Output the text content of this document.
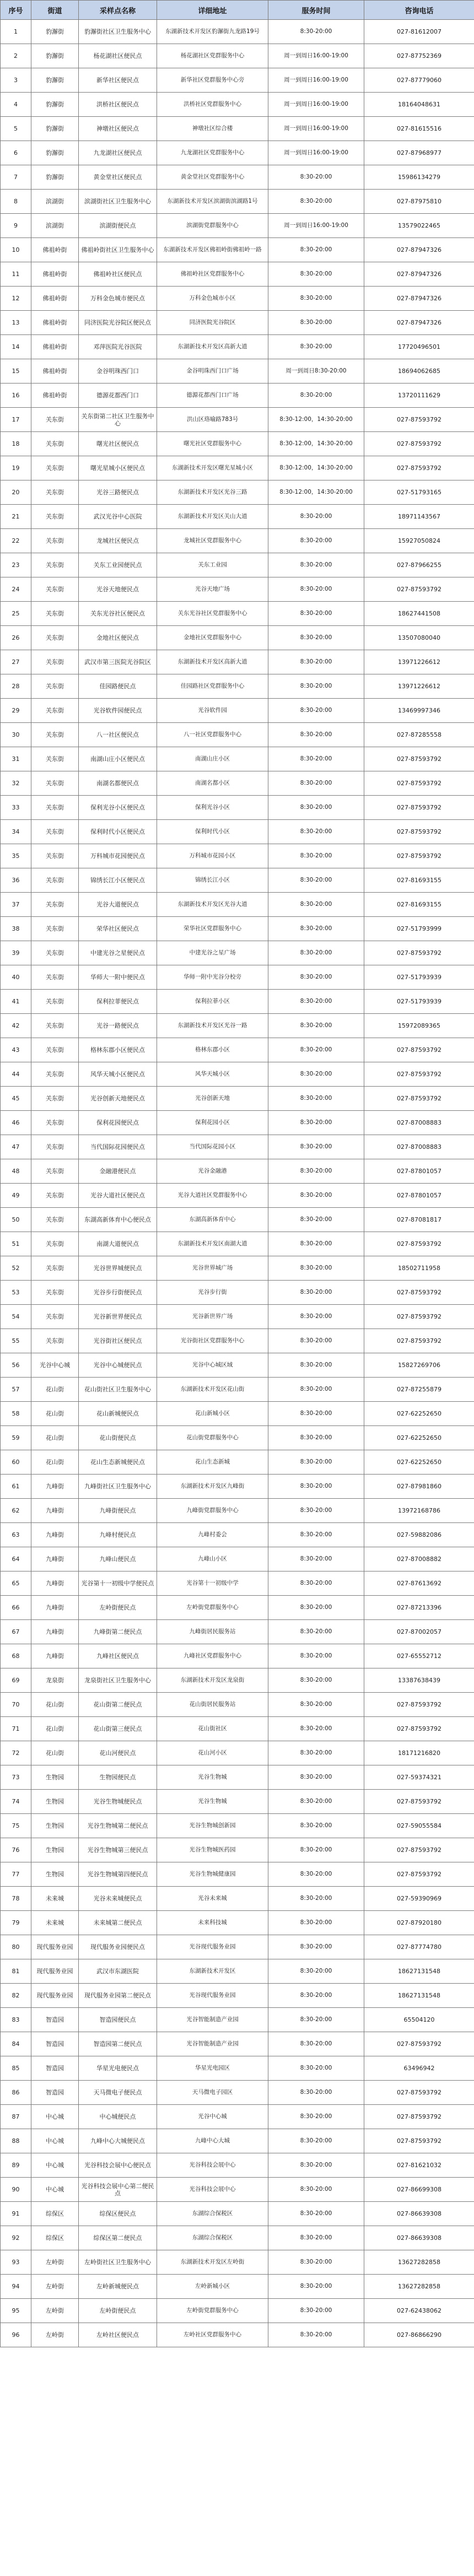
序号	街道	采样点名称	详细地址	服务时间	咨询电话
1	豹澥街	豹澥街社区卫生服务中心	东湖新技术开发区豹澥街九龙路19号	8:30-20:00	027-81612007
2	豹澥街	杨花湖社区便民点	杨花湖社区党群服务中心	周一到周日16:00-19:00	027-87752369
3	豹澥街	新华社区便民点	新华社区党群服务中心旁	周一到周日16:00-19:00	027-87779060
4	豹澥街	洪桥社区便民点	洪桥社区党群服务中心	周一到周日16:00-19:00	18164048631
5	豹澥街	神墩社区便民点	神墩社区综合楼	周一到周日16:00-19:00	027-81615516
6	豹澥街	九龙湖社区便民点	九龙湖社区党群服务中心	周一到周日16:00-19:00	027-87968977
7	豹澥街	黄金堂社区便民点	黄金堂社区党群服务中心	8:30-20:00	15986134279
8	滨湖街	滨湖街社区卫生服务中心	东湖新技术开发区滨湖街滨湖路1号	8:30-20:00	027-87975810
9	滨湖街	滨湖街便民点	滨湖街党群服务中心	周一到周日16:00-19:00	13579022465
10	佛祖岭街	佛祖岭街社区卫生服务中心	东湖新技术开发区佛祖岭街佛祖岭一路	8:30-20:00	027-87947326
11	佛祖岭街	佛祖岭社区便民点	佛祖岭社区党群服务中心	8:30-20:00	027-87947326
12	佛祖岭街	万科金色城市便民点	万科金色城市小区	8:30-20:00	027-87947326
13	佛祖岭街	同济医院光谷院区便民点	同济医院光谷院区	8:30-20:00	027-87947326
14	佛祖岭街	邓萍医院光谷医院	东湖新技术开发区高新大道	8:30-20:00	17720496501
15	佛祖岭街	金谷明珠西门口	金谷明珠西门口广场	周一到周日8:30-20:00	18694062685
16	佛祖岭街	德源花都西门口	德源花都西门口广场	8:30-20:00	13720111629
17	关东街	关东街第二社区卫生服务中心	洪山区珞喻路783号	8:30-12:00，14:30-20:00	027-87593792
18	关东街	曙光社区便民点	曙光社区党群服务中心	8:30-12:00，14:30-20:00	027-87593792
19	关东街	曙光星城小区便民点	东湖新技术开发区曙光星城小区	8:30-12:00，14:30-20:00	027-87593792
20	关东街	光谷三路便民点	东湖新技术开发区光谷三路	8:30-12:00，14:30-20:00	027-51793165
21	关东街	武汉光谷中心医院	东湖新技术开发区关山大道	8:30-20:00	18971143567
22	关东街	龙城社区便民点	龙城社区党群服务中心	8:30-20:00	15927050824
23	关东街	关东工业园便民点	关东工业园	8:30-20:00	027-87966255
24	关东街	光谷天地便民点	光谷天地广场	8:30-20:00	027-87593792
25	关东街	关东光谷社区便民点	关东光谷社区党群服务中心	8:30-20:00	18627441508
26	关东街	金地社区便民点	金地社区党群服务中心	8:30-20:00	13507080040
27	关东街	武汉市第三医院光谷院区	东湖新技术开发区高新大道	8:30-20:00	13971226612
28	关东街	佳园路便民点	佳园路社区党群服务中心	8:30-20:00	13971226612
29	关东街	光谷软件园便民点	光谷软件园	8:30-20:00	13469997346
30	关东街	八一社区便民点	八一社区党群服务中心	8:30-20:00	027-87285558
31	关东街	南湖山庄小区便民点	南湖山庄小区	8:30-20:00	027-87593792
32	关东街	南湖名都便民点	南湖名都小区	8:30-20:00	027-87593792
33	关东街	保利光谷小区便民点	保利光谷小区	8:30-20:00	027-87593792
34	关东街	保利时代小区便民点	保利时代小区	8:30-20:00	027-87593792
35	关东街	万科城市花园便民点	万科城市花园小区	8:30-20:00	027-87593792
36	关东街	锦绣长江小区便民点	锦绣长江小区	8:30-20:00	027-81693155
37	关东街	光谷大道便民点	东湖新技术开发区光谷大道	8:30-20:00	027-81693155
38	关东街	荣华社区便民点	荣华社区党群服务中心	8:30-20:00	027-51793999
39	关东街	中建光谷之星便民点	中建光谷之星广场	8:30-20:00	027-87593792
40	关东街	华师大一附中便民点	华师一附中光谷分校旁	8:30-20:00	027-51793939
41	关东街	保利拉菲便民点	保利拉菲小区	8:30-20:00	027-51793939
42	关东街	光谷一路便民点	东湖新技术开发区光谷一路	8:30-20:00	15972089365
43	关东街	格林东郡小区便民点	格林东郡小区	8:30-20:00	027-87593792
44	关东街	风华天城小区便民点	风华天城小区	8:30-20:00	027-87593792
45	关东街	光谷创新天地便民点	光谷创新天地	8:30-20:00	027-87593792
46	关东街	保利花园便民点	保利花园小区	8:30-20:00	027-87008883
47	关东街	当代国际花园便民点	当代国际花园小区	8:30-20:00	027-87008883
48	关东街	金融港便民点	光谷金融港	8:30-20:00	027-87801057
49	关东街	光谷大道社区便民点	光谷大道社区党群服务中心	8:30-20:00	027-87801057
50	关东街	东湖高新体育中心便民点	东湖高新体育中心	8:30-20:00	027-87081817
51	关东街	南湖大道便民点	东湖新技术开发区南湖大道	8:30-20:00	027-87593792
52	关东街	光谷世界城便民点	光谷世界城广场	8:30-20:00	18502711958
53	关东街	光谷步行街便民点	光谷步行街	8:30-20:00	027-87593792
54	关东街	光谷新世界便民点	光谷新世界广场	8:30-20:00	027-87593792
55	关东街	光谷街社区便民点	光谷街社区党群服务中心	8:30-20:00	027-87593792
56	光谷中心城	光谷中心城便民点	光谷中心城区域	8:30-20:00	15827269706
57	花山街	花山街社区卫生服务中心	东湖新技术开发区花山街	8:30-20:00	027-87255879
58	花山街	花山新城便民点	花山新城小区	8:30-20:00	027-62252650
59	花山街	花山街便民点	花山街党群服务中心	8:30-20:00	027-62252650
60	花山街	花山生态新城便民点	花山生态新城	8:30-20:00	027-62252650
61	九峰街	九峰街社区卫生服务中心	东湖新技术开发区九峰街	8:30-20:00	027-87981860
62	九峰街	九峰街便民点	九峰街党群服务中心	8:30-20:00	13972168786
63	九峰街	九峰村便民点	九峰村委会	8:30-20:00	027-59882086
64	九峰街	九峰山便民点	九峰山小区	8:30-20:00	027-87008882
65	九峰街	光谷第十一初级中学便民点	光谷第十一初级中学	8:30-20:00	027-87613692
66	九峰街	左岭街便民点	左岭街党群服务中心	8:30-20:00	027-87213396
67	九峰街	九峰街第二便民点	九峰街居民服务站	8:30-20:00	027-87002057
68	九峰街	九峰社区便民点	九峰社区党群服务中心	8:30-20:00	027-65552712
69	龙泉街	龙泉街社区卫生服务中心	东湖新技术开发区龙泉街	8:30-20:00	13387638439
70	花山街	花山街第二便民点	花山街居民服务站	8:30-20:00	027-87593792
71	花山街	花山街第三便民点	花山街社区	8:30-20:00	027-87593792
72	花山街	花山河便民点	花山河小区	8:30-20:00	18171216820
73	生物园	生物园便民点	光谷生物城	8:30-20:00	027-59374321
74	生物园	光谷生物城便民点	光谷生物城	8:30-20:00	027-87593792
75	生物园	光谷生物城第二便民点	光谷生物城创新园	8:30-20:00	027-59055584
76	生物园	光谷生物城第三便民点	光谷生物城医药园	8:30-20:00	027-87593792
77	生物园	光谷生物城第四便民点	光谷生物城健康园	8:30-20:00	027-87593792
78	未来城	光谷未来城便民点	光谷未来城	8:30-20:00	027-59390969
79	未来城	未来城第二便民点	未来科技城	8:30-20:00	027-87920180
80	现代服务业园	现代服务业园便民点	光谷现代服务业园	8:30-20:00	027-87774780
81	现代服务业园	武汉市东湖医院	东湖新技术开发区	8:30-20:00	18627131548
82	现代服务业园	现代服务业园第二便民点	光谷现代服务业园	8:30-20:00	18627131548
83	智造园	智造园便民点	光谷智能制造产业园	8:30-20:00	65504120
84	智造园	智造园第二便民点	光谷智能制造产业园	8:30-20:00	027-87593792
85	智造园	华星光电便民点	华星光电园区	8:30-20:00	63496942
86	智造园	天马微电子便民点	天马微电子园区	8:30-20:00	027-87593792
87	中心城	中心城便民点	光谷中心城	8:30-20:00	027-87593792
88	中心城	九峰中心大城便民点	九峰中心大城	8:30-20:00	027-87593792
89	中心城	光谷科技会展中心便民点	光谷科技会展中心	8:30-20:00	027-81621032
90	中心城	光谷科技会展中心第二便民点	光谷科技会展中心	8:30-20:00	027-86699308
91	综保区	综保区便民点	东湖综合保税区	8:30-20:00	027-86639308
92	综保区	综保区第二便民点	东湖综合保税区	8:30-20:00	027-86639308
93	左岭街	左岭街社区卫生服务中心	东湖新技术开发区左岭街	8:30-20:00	13627282858
94	左岭街	左岭新城便民点	左岭新城小区	8:30-20:00	13627282858
95	左岭街	左岭街便民点	左岭街党群服务中心	8:30-20:00	027-62438062
96	左岭街	左岭社区便民点	左岭社区党群服务中心	8:30-20:00	027-86866290
